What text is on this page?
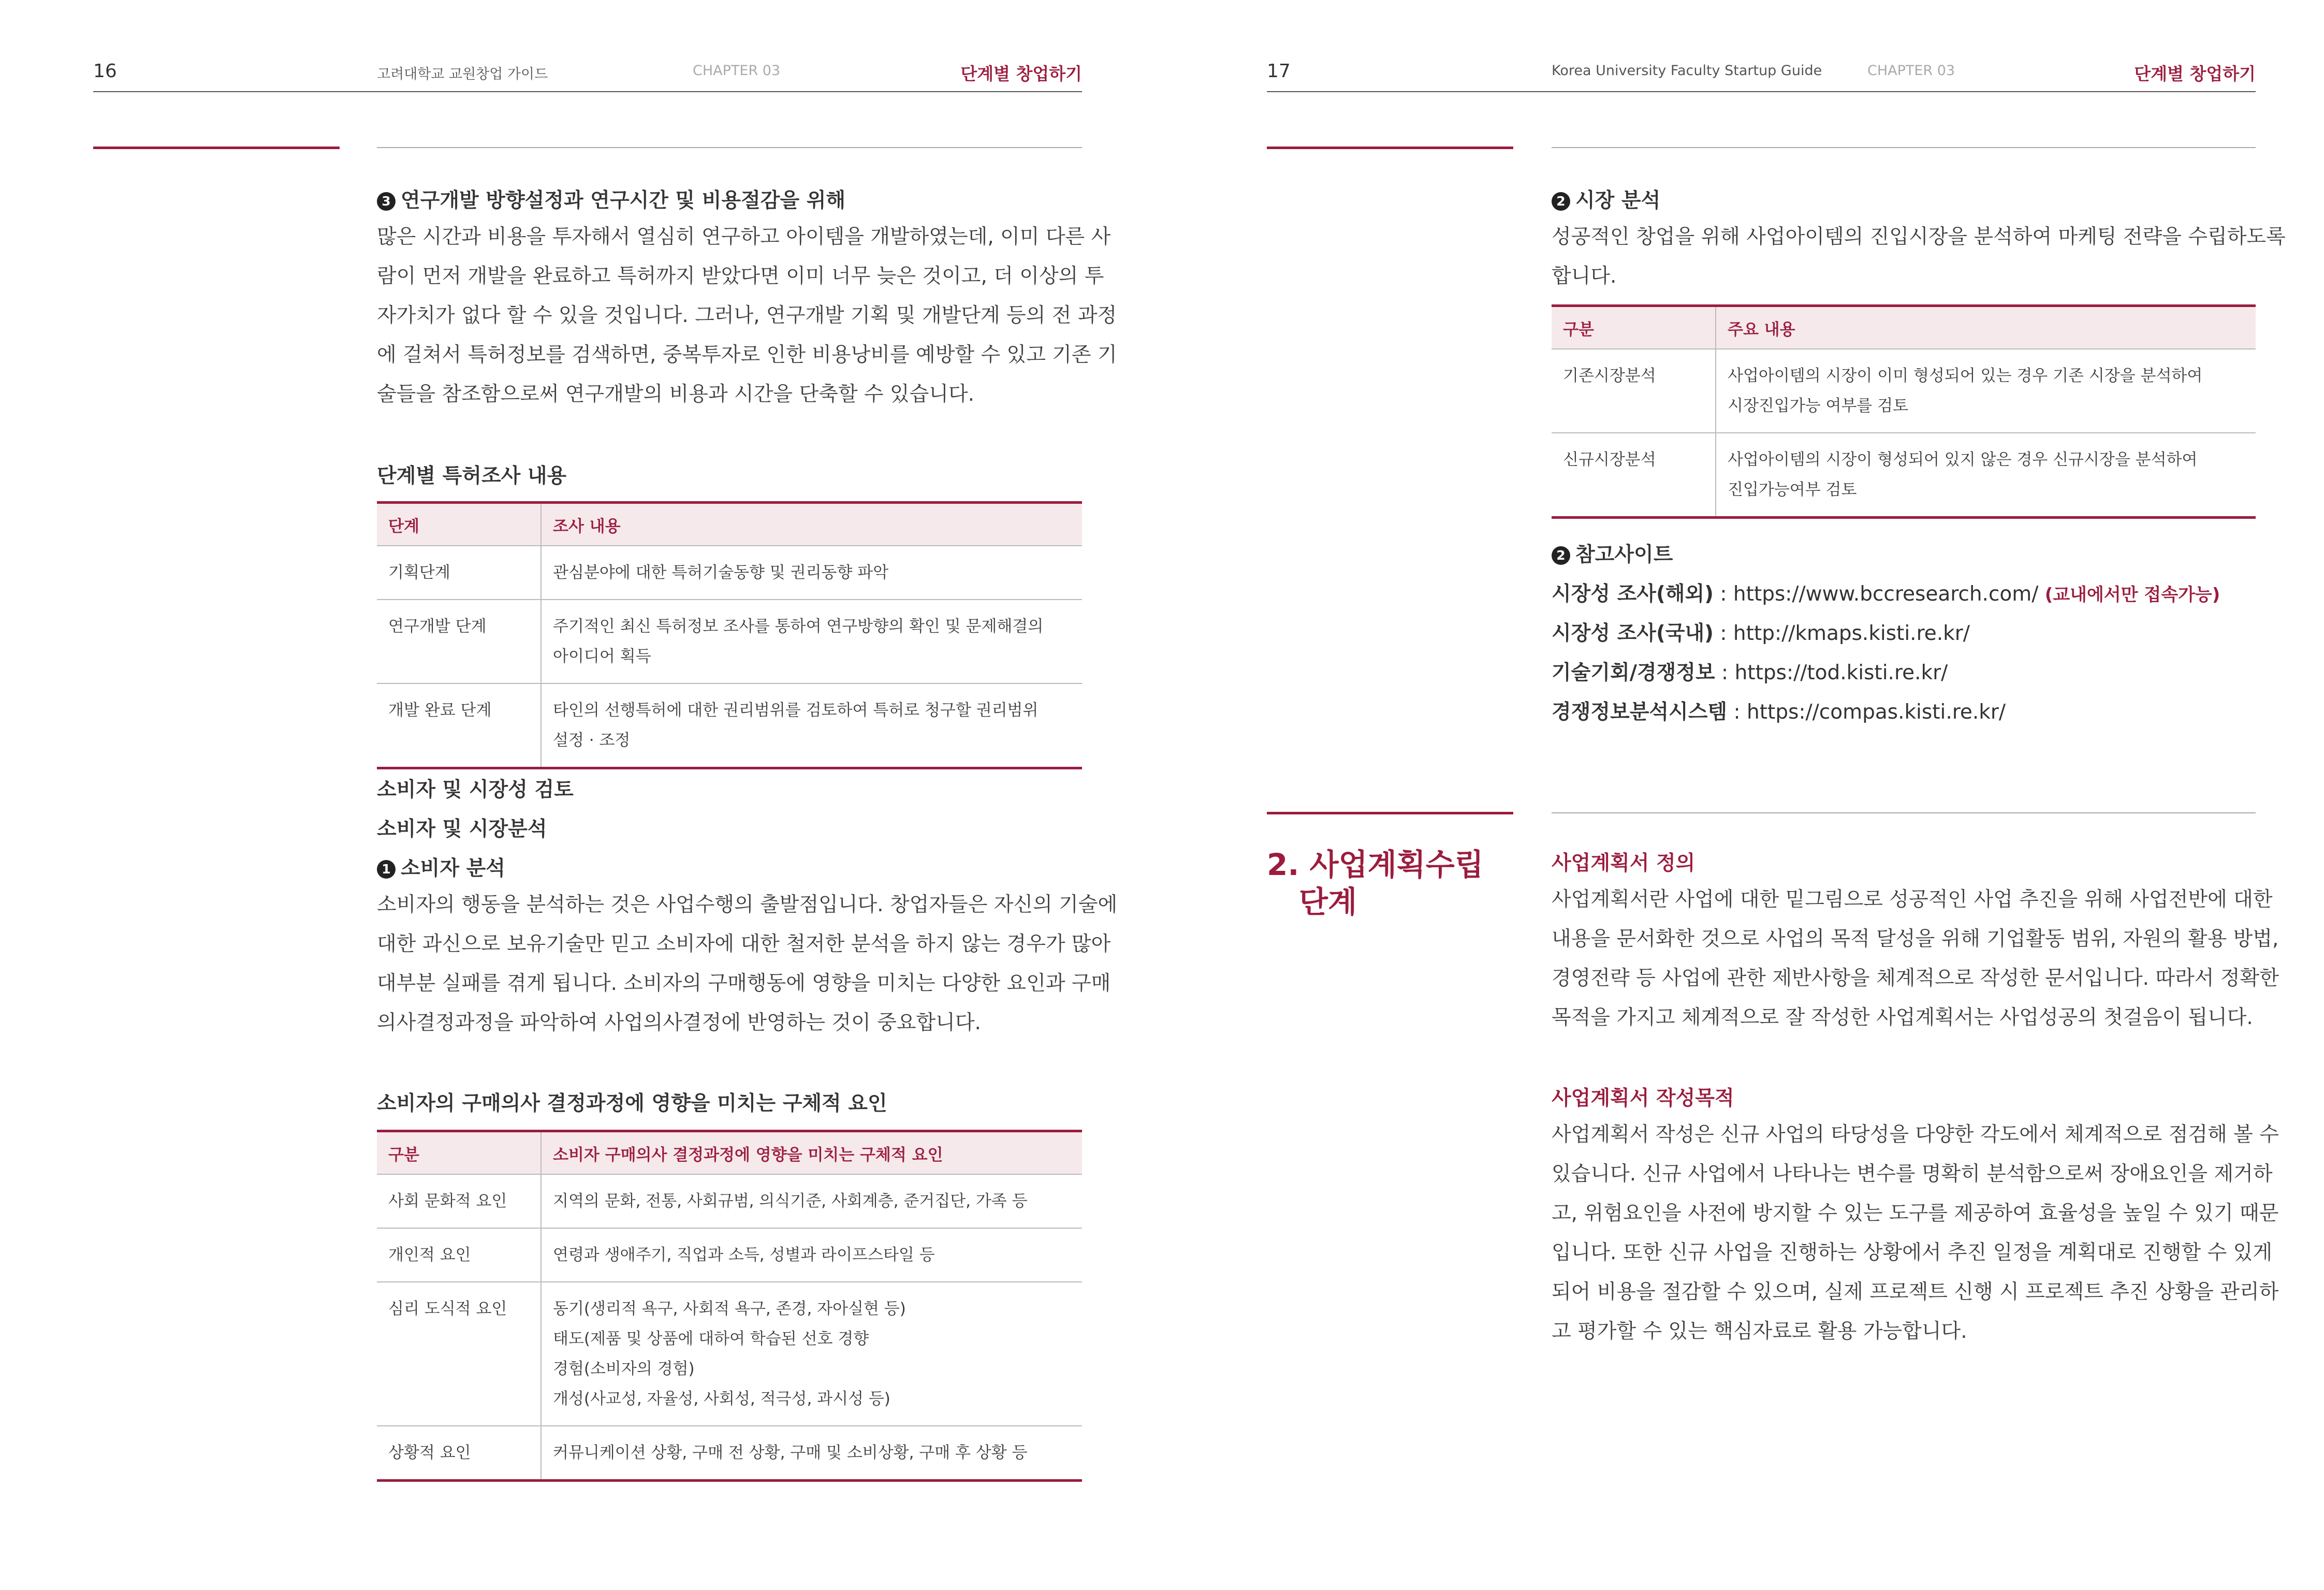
16	고려대학교 교원창업 가이드	CHAPTER 03	단계별 창업하기
3 연구개발 방향설정과 연구시간 및 비용절감을 위해
많은 시간과 비용을 투자해서 열심히 연구하고 아이템을 개발하였는데, 이미 다른 사
람이 먼저 개발을 완료하고 특허까지 받았다면 이미 너무 늦은 것이고, 더 이상의 투
자가치가 없다 할 수 있을 것입니다. 그러나, 연구개발 기획 및 개발단계 등의 전 과정
에 걸쳐서 특허정보를 검색하면, 중복투자로 인한 비용낭비를 예방할 수 있고 기존 기
술들을 참조함으로써 연구개발의 비용과 시간을 단축할 수 있습니다.
단계별 특허조사 내용
단계	조사 내용
기획단계	관심분야에 대한 특허기술동향 및 권리동향 파악

연구개발 단계	주기적인 최신 특허정보 조사를 통하여 연구방향의 확인 및 문제해결의
아이디어 획득

개발 완료 단계	타인의 선행특허에 대한 권리범위를 검토하여 특허로 청구할 권리범위
설정 · 조정
소비자 및 시장성 검토
소비자 및 시장분석
1 소비자 분석
소비자의 행동을 분석하는 것은 사업수행의 출발점입니다. 창업자들은 자신의 기술에
대한 과신으로 보유기술만 믿고 소비자에 대한 철저한 분석을 하지 않는 경우가 많아
대부분 실패를 겪게 됩니다. 소비자의 구매행동에 영향을 미치는 다양한 요인과 구매
의사결정과정을 파악하여 사업의사결정에 반영하는 것이 중요합니다.
소비자의 구매의사 결정과정에 영향을 미치는 구체적 요인
구분	소비자 구매의사 결정과정에 영향을 미치는 구체적 요인
사회 문화적 요인	지역의 문화, 전통, 사회규범, 의식기준, 사회계층, 준거집단, 가족 등

개인적 요인	연령과 생애주기, 직업과 소득, 성별과 라이프스타일 등

심리 도식적 요인	동기(생리적 욕구, 사회적 욕구, 존경, 자아실현 등)
태도(제품 및 상품에 대하여 학습된 선호 경향
경험(소비자의 경험)
개성(사교성, 자율성, 사회성, 적극성, 과시성 등)

상황적 요인	커뮤니케이션 상황, 구매 전 상황, 구매 및 소비상황, 구매 후 상황 등
17	Korea University Faculty Startup Guide	CHAPTER 03	단계별 창업하기
2 시장 분석
성공적인 창업을 위해 사업아이템의 진입시장을 분석하여 마케팅 전략을 수립하도록
합니다.
구분	주요 내용
기존시장분석	사업아이템의 시장이 이미 형성되어 있는 경우 기존 시장을 분석하여
시장진입가능 여부를 검토

신규시장분석	사업아이템의 시장이 형성되어 있지 않은 경우 신규시장을 분석하여
진입가능여부 검토
2 참고사이트
시장성 조사(해외) : https://www.bccresearch.com/ (교내에서만 접속가능)
시장성 조사(국내) : http://kmaps.kisti.re.kr/
기술기회/경쟁정보 : https://tod.kisti.re.kr/
경쟁정보분석시스템 : https://compas.kisti.re.kr/
2. 사업계획수립
단계
사업계획서 정의
사업계획서란 사업에 대한 밑그림으로 성공적인 사업 추진을 위해 사업전반에 대한
내용을 문서화한 것으로 사업의 목적 달성을 위해 기업활동 범위, 자원의 활용 방법,
경영전략 등 사업에 관한 제반사항을 체계적으로 작성한 문서입니다. 따라서 정확한
목적을 가지고 체계적으로 잘 작성한 사업계획서는 사업성공의 첫걸음이 됩니다.
사업계획서 작성목적
사업계획서 작성은 신규 사업의 타당성을 다양한 각도에서 체계적으로 점검해 볼 수
있습니다. 신규 사업에서 나타나는 변수를 명확히 분석함으로써 장애요인을 제거하
고, 위험요인을 사전에 방지할 수 있는 도구를 제공하여 효율성을 높일 수 있기 때문
입니다. 또한 신규 사업을 진행하는 상황에서 추진 일정을 계획대로 진행할 수 있게
되어 비용을 절감할 수 있으며, 실제 프로젝트 신행 시 프로젝트 추진 상황을 관리하
고 평가할 수 있는 핵심자료로 활용 가능합니다.
